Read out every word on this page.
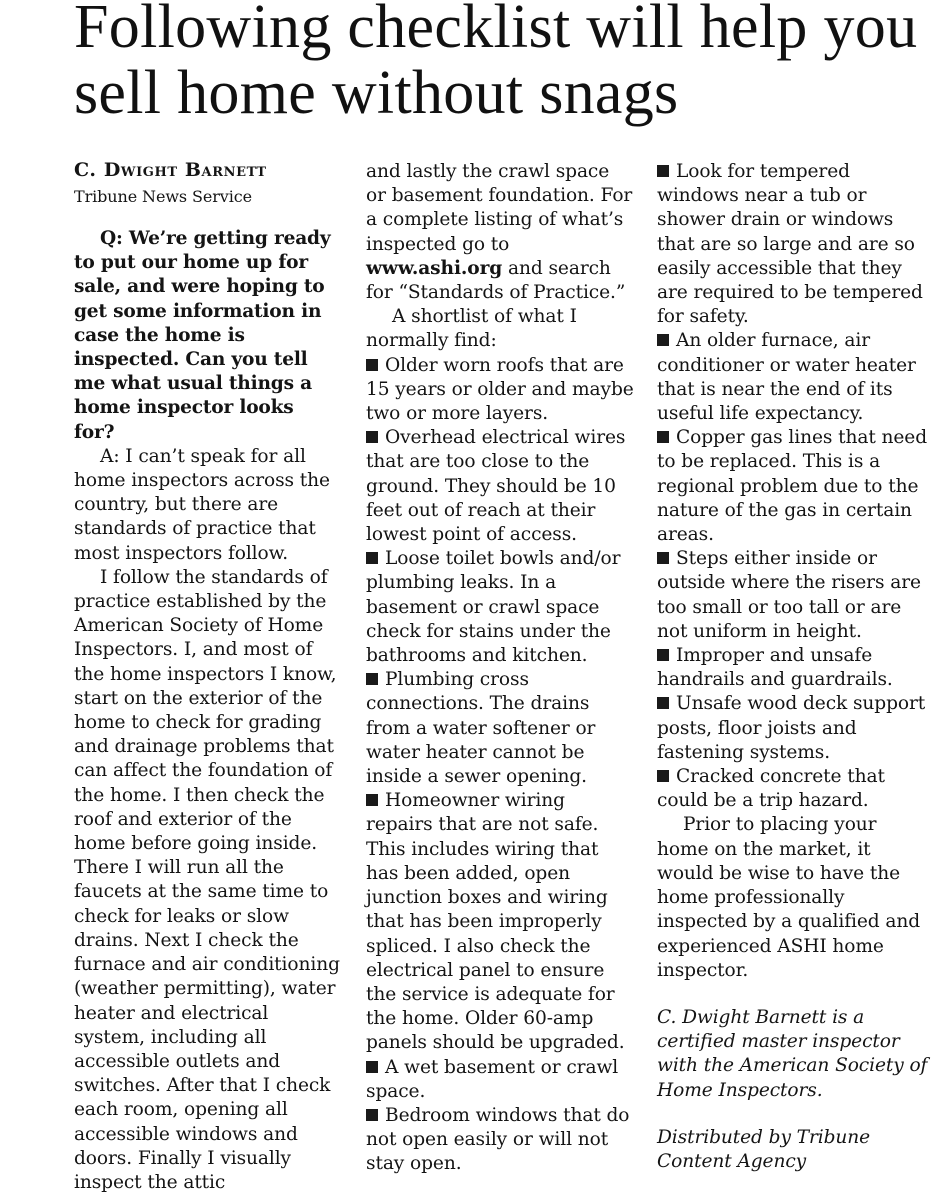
Following checklist will help you sell home without snags
C. Dwight Barnett
Tribune News Service

Q: We’re getting ready to put our home up for sale, and were hoping to get some information in case the home is inspected. Can you tell me what usual things a home inspector looks for?

A: I can’t speak for all home inspectors across the country, but there are standards of practice that most inspectors follow.

I follow the standards of practice established by the American Society of Home Inspectors. I, and most of the home inspectors I know, start on the exterior of the home to check for grading and drainage problems that can affect the foundation of the home. I then check the roof and exterior of the home before going inside. There I will run all the faucets at the same time to check for leaks or slow drains. Next I check the furnace and air conditioning (weather permitting), water heater and electrical system, including all accessible outlets and switches. After that I check each room, opening all accessible windows and doors. Finally I visually inspect the attic

and lastly the crawl space or basement foundation. For a complete listing of what’s inspected go to www.ashi.org and search for “Standards of Practice.”

A shortlist of what I normally find:

Older worn roofs that are 15 years or older and maybe two or more layers.

Overhead electrical wires that are too close to the ground. They should be 10 feet out of reach at their lowest point of access.

Loose toilet bowls and/or plumbing leaks. In a basement or crawl space check for stains under the bathrooms and kitchen.

Plumbing cross connections. The drains from a water softener or water heater cannot be inside a sewer opening.

Homeowner wiring repairs that are not safe. This includes wiring that has been added, open junction boxes and wiring that has been improperly spliced. I also check the electrical panel to ensure the service is adequate for the home. Older 60-amp panels should be upgraded.

A wet basement or crawl space.

Bedroom windows that do not open easily or will not stay open.

Look for tempered windows near a tub or shower drain or windows that are so large and are so easily accessible that they are required to be tempered for safety.

An older furnace, air conditioner or water heater that is near the end of its useful life expectancy.

Copper gas lines that need to be replaced. This is a regional problem due to the nature of the gas in certain areas.

Steps either inside or outside where the risers are too small or too tall or are not uniform in height.

Improper and unsafe handrails and guardrails.

Unsafe wood deck support posts, floor joists and fastening systems.

Cracked concrete that could be a trip hazard.

Prior to placing your home on the market, it would be wise to have the home professionally inspected by a qualified and experienced ASHI home inspector.

C. Dwight Barnett is a certified master inspector with the American Society of Home Inspectors.

Distributed by Tribune Content Agency
